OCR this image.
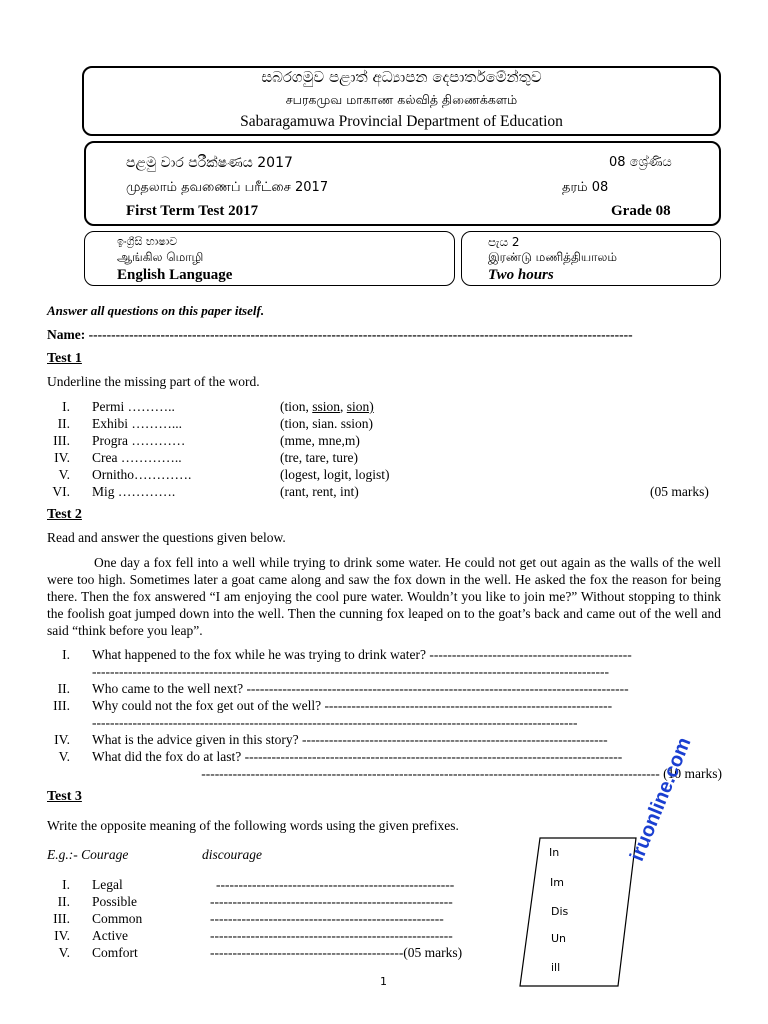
සබරගමුව පළාත් අධ්‍යාපන දෙපාර්තමේන්තුව
சபரகமுவ மாகாண கல்வித் திணைக்களம்
Sabaragamuwa Provincial Department of Education
පළමු වාර පරීක්ෂණය 2017	08 ශ්‍රේණිය
முதலாம் தவணைப் பரீட்சை 2017	தரம் 08
First Term Test 2017	Grade 08
ඉංග්‍රීසි භාෂාව
ஆங்கில மொழி
English Language
පැය 2
இரண்டு மணித்தியாலம்
Two hours
Answer all questions on this paper itself.
Name: -------------------------------------------------------------------------------------------------------------------------
Test 1
Underline the missing part of the word.
I. Permi ………..	(tion, ssion, sion)
II. Exhibi ………...	(tion, sian. ssion)
III. Progra …………	(mme, mne,m)
IV. Crea …………..	(tre, tare, ture)
V. Ornitho………….	(logest, logit, logist)
VI. Mig ………….	(rant, rent, int)	(05 marks)
Test 2
Read and answer the questions given below.
One day a fox fell into a well while trying to drink some water. He could not get out again as the walls of the well were too high. Sometimes later a goat came along and saw the fox down in the well. He asked the fox the reason for being there. Then the fox answered “I am enjoying the cool pure water. Wouldn’t you like to join me?” Without stopping to think the foolish goat jumped down into the well. Then the cunning fox leaped on to the goat’s back and came out of the well and said “think before you leap”.
I. What happened to the fox while he was trying to drink water? ---------------------------------------------
-------------------------------------------------------------------------------------------------------------------
II. Who came to the well next? -------------------------------------------------------------------------------------
III. Why could not the fox get out of the well? ----------------------------------------------------------------
------------------------------------------------------------------------------------------------------------
IV. What is the advice given in this story? --------------------------------------------------------------------
V. What did the fox do at last? ------------------------------------------------------------------------------------
------------------------------------------------------------------------------------------------------ (10 marks)
Test 3
Write the opposite meaning of the following words using the given prefixes.
E.g.:- Courage	discourage
I. Legal	-----------------------------------------------------
II. Possible	------------------------------------------------------
III. Common	----------------------------------------------------
IV. Active	------------------------------------------------------
V. Comfort	-------------------------------------------(05 marks)
In
Im
Dis
Un
ill
iruonline.com
1
